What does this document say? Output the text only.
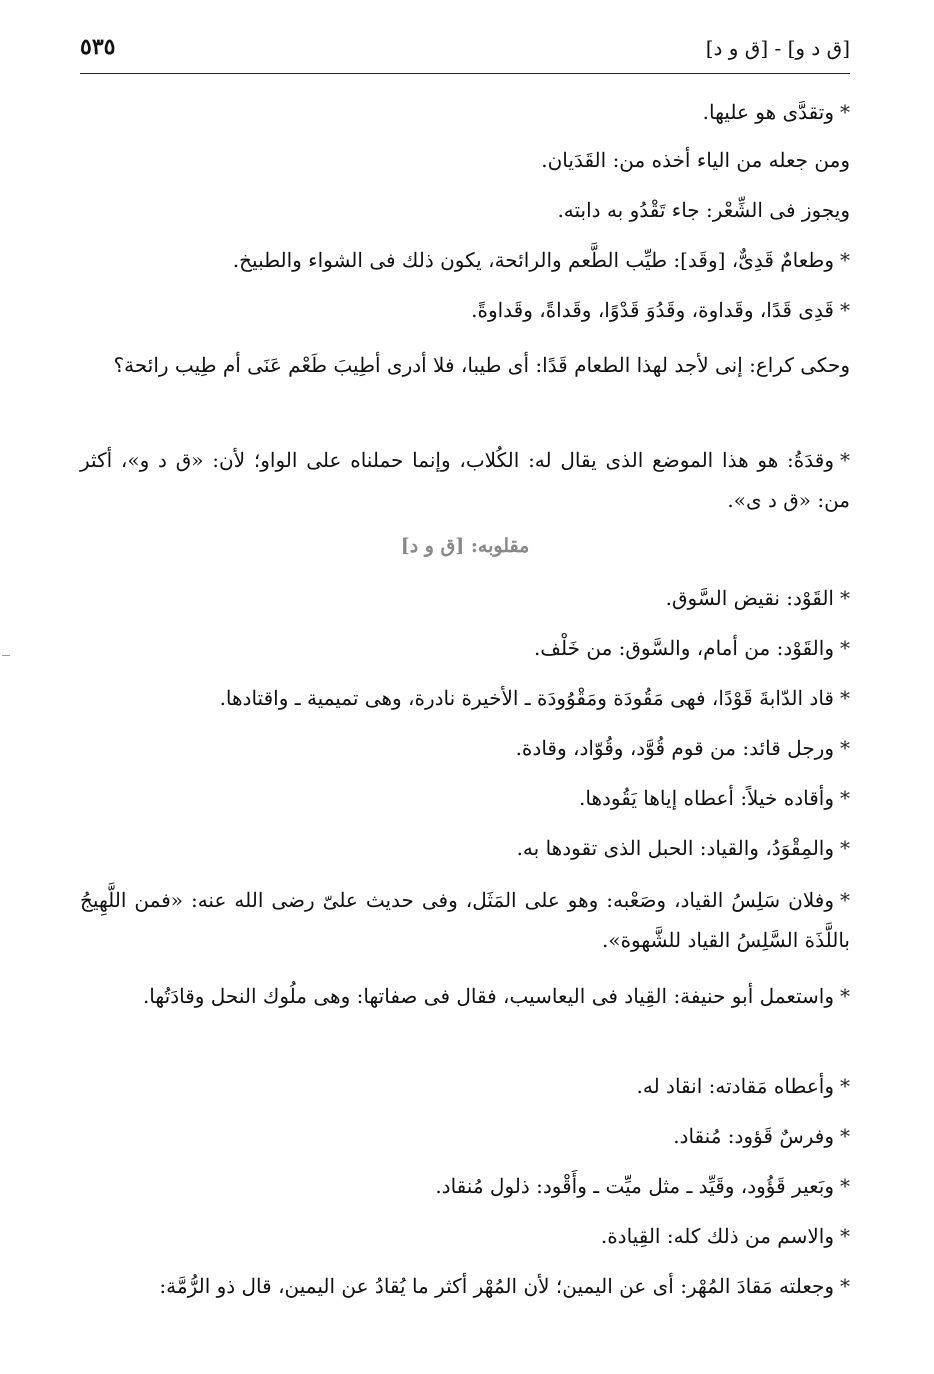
[ق د و] - [ق و د]
٥٣٥
*وتقدَّى هو عليها.
ومن جعله من الياء أخذه من: القَدَيان.
ويجوز فى الشِّعْر: جاء تَقْدُو به دابته.
*وطعامٌ قَدِىٌّ، [وقَد]: طيِّب الطَّعم والرائحة، يكون ذلك فى الشواء والطبيخ.
*قَدِى قَدًا، وقَداوة، وقَدُوَ قَدْوًا، وقَداةً، وقَداوةً.
وحكى كراع: إنى لأجد لهذا الطعام قَدًا: أى طيبا، فلا أدرى أطِيبَ طَعْم عَنَى أم طِيب رائحة؟
*وقدَةُ: هو هذا الموضع الذى يقال له: الكُلاب، وإنما حملناه على الواو؛ لأن: «ق د و»، أكثر من: «ق د ى».
مقلوبه: [ق و د]
*القَوْد: نقيض السَّوق.
*والقَوْد: من أمام، والسَّوق: من خَلْف.
*قاد الدّابةَ قَوْدًا، فهى مَقُودَة ومَقْوُودَة ـ الأخيرة نادرة، وهى تميمية ـ واقتادها.
*ورجل قائد: من قوم قُوَّد، وقُوّاد، وقادة.
*وأقاده خيلاً: أعطاه إياها يَقُودها.
*والمِقْوَدُ، والقياد: الحبل الذى تقودها به.
*وفلان سَلِسُ القياد، وصَعْبه: وهو على المَثَل، وفى حديث علىّ رضى الله عنه: «فمن اللَّهِيجُ باللَّذَة السَّلِسُ القياد للشَّهوة».
*واستعمل أبو حنيفة: القِياد فى اليعاسيب، فقال فى صفاتها: وهى ملُوك النحل وقادَتُها.
*وأعطاه مَقادته: انقاد له.
*وفرسٌ قَؤود: مُنقاد.
*وبَعير قَؤُود، وقَيِّد ـ مثل ميِّت ـ وأَقْود: ذلول مُنقاد.
*والاسم من ذلك كله: القِيادة.
*وجعلته مَقادَ المُهْر: أى عن اليمين؛ لأن المُهْر أكثر ما يُقادُ عن اليمين، قال ذو الرُّمَّة:
